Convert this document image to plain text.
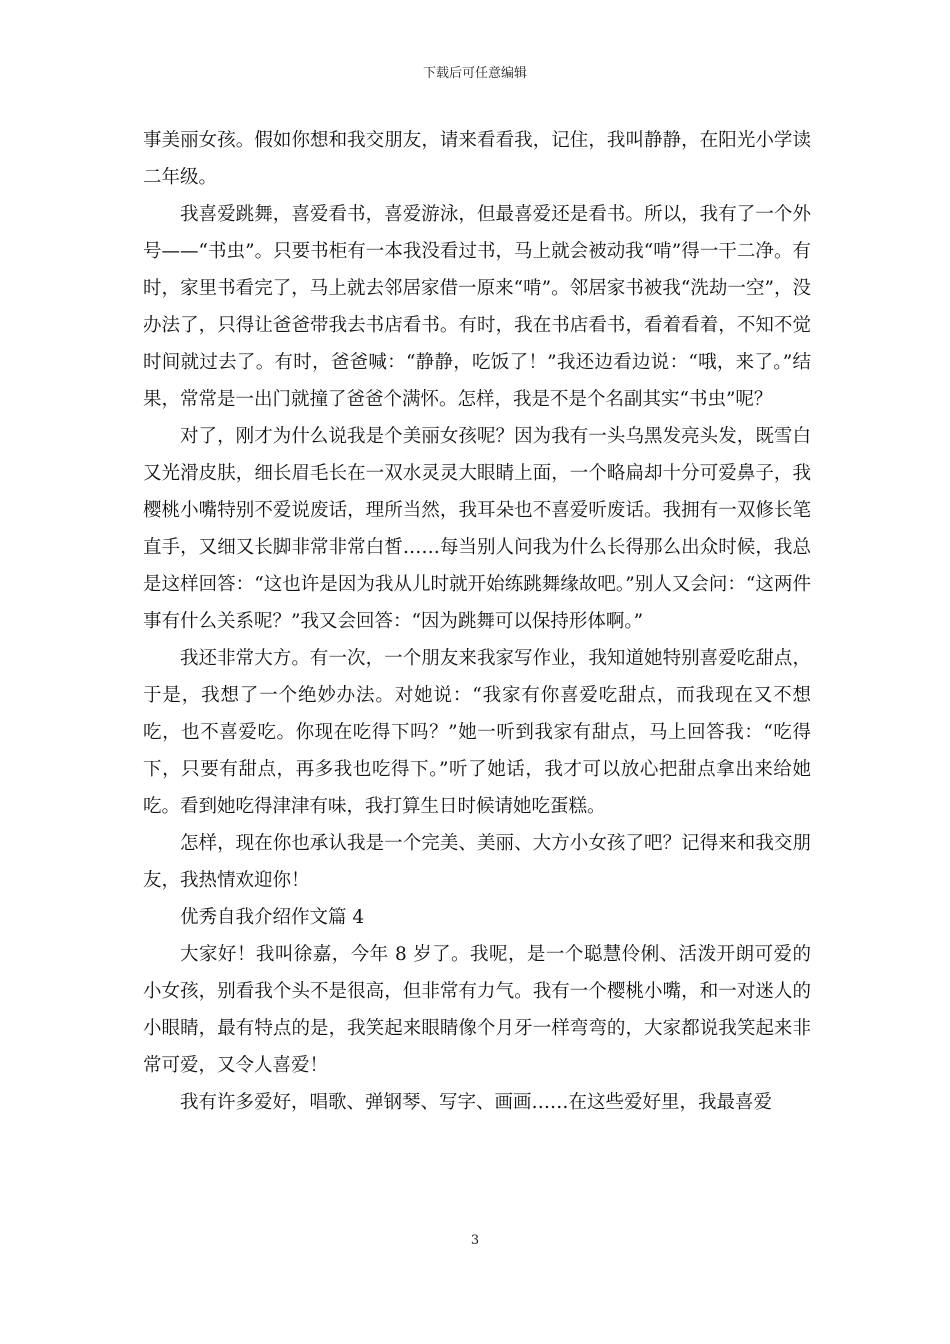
下载后可任意编辑

事美丽女孩。假如你想和我交朋友，请来看看我，记住，我叫静静，在阳光小学读二年级。

我喜爱跳舞，喜爱看书，喜爱游泳，但最喜爱还是看书。所以，我有了一个外号——“书虫”。只要书柜有一本我没看过书，马上就会被动我“啃”得一干二净。有时，家里书看完了，马上就去邻居家借一原来“啃”。邻居家书被我“洗劫一空”，没办法了，只得让爸爸带我去书店看书。有时，我在书店看书，看着看着，不知不觉时间就过去了。有时，爸爸喊：“静静，吃饭了！”我还边看边说：“哦，来了。”结果，常常是一出门就撞了爸爸个满怀。怎样，我是不是个名副其实“书虫”呢？

对了，刚才为什么说我是个美丽女孩呢？因为我有一头乌黑发亮头发，既雪白又光滑皮肤，细长眉毛长在一双水灵灵大眼睛上面，一个略扁却十分可爱鼻子，我樱桃小嘴特别不爱说废话，理所当然，我耳朵也不喜爱听废话。我拥有一双修长笔直手，又细又长脚非常非常白皙……每当别人问我为什么长得那么出众时候，我总是这样回答：“这也许是因为我从儿时就开始练跳舞缘故吧。”别人又会问：“这两件事有什么关系呢？”我又会回答：“因为跳舞可以保持形体啊。”

我还非常大方。有一次，一个朋友来我家写作业，我知道她特别喜爱吃甜点，于是，我想了一个绝妙办法。对她说：“我家有你喜爱吃甜点，而我现在又不想吃，也不喜爱吃。你现在吃得下吗？”她一听到我家有甜点，马上回答我：“吃得下，只要有甜点，再多我也吃得下。”听了她话，我才可以放心把甜点拿出来给她吃。看到她吃得津津有味，我打算生日时候请她吃蛋糕。

怎样，现在你也承认我是一个完美、美丽、大方小女孩了吧？记得来和我交朋友，我热情欢迎你！

优秀自我介绍作文篇 4

大家好！我叫徐嘉，今年 8 岁了。我呢，是一个聪慧伶俐、活泼开朗可爱的小女孩，别看我个头不是很高，但非常有力气。我有一个樱桃小嘴，和一对迷人的小眼睛，最有特点的是，我笑起来眼睛像个月牙一样弯弯的，大家都说我笑起来非常可爱，又令人喜爱！

我有许多爱好，唱歌、弹钢琴、写字、画画……在这些爱好里，我最喜爱

3
